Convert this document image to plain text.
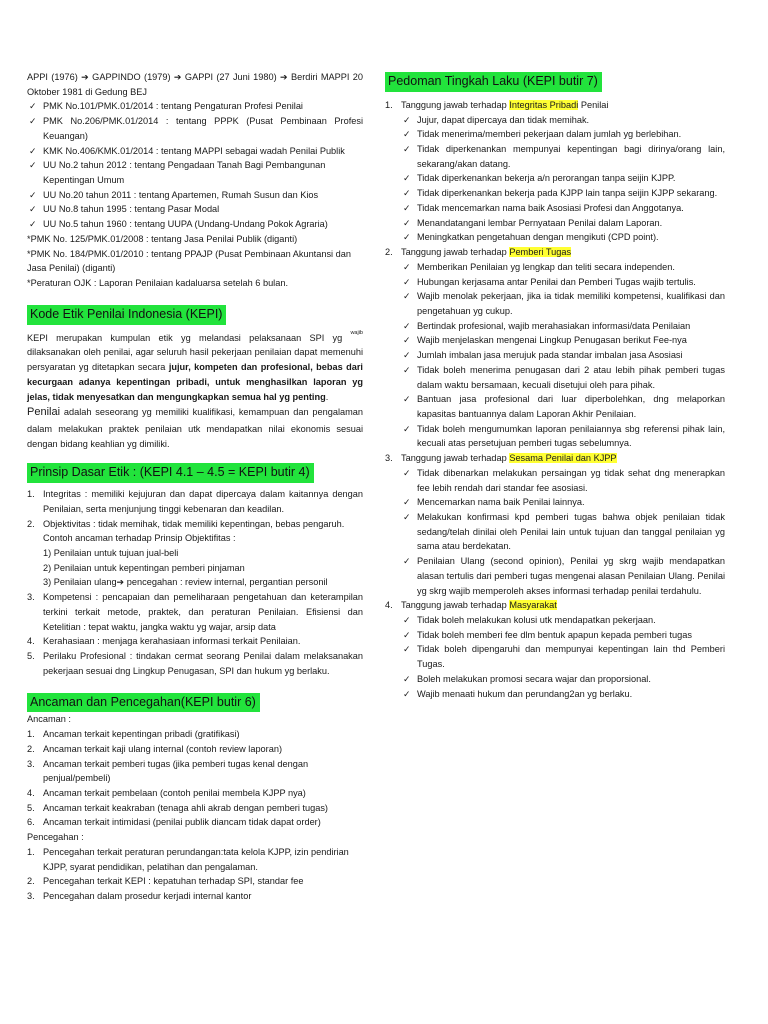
APPI (1976) ➔ GAPPINDO (1979) ➔ GAPPI (27 Juni 1980) ➔ Berdiri MAPPI 20 Oktober 1981 di Gedung BEJ

✓ PMK No.101/PMK.01/2014 : tentang Pengaturan Profesi Penilai
✓ PMK No.206/PMK.01/2014 : tentang PPPK (Pusat Pembinaan Profesi Keuangan)
✓ KMK No.406/KMK.01/2014 : tentang MAPPI sebagai wadah Penilai Publik
✓ UU No.2 tahun 2012 : tentang Pengadaan Tanah Bagi Pembangunan Kepentingan Umum
✓ UU No.20 tahun 2011 : tentang Apartemen, Rumah Susun dan Kios
✓ UU No.8 tahun 1995 : tentang Pasar Modal
✓ UU No.5 tahun 1960 : tentang UUPA (Undang-Undang Pokok Agraria)

*PMK No. 125/PMK.01/2008 : tentang Jasa Penilai Publik (diganti)

*PMK No. 184/PMK.01/2010 : tentang PPAJP (Pusat Pembinaan Akuntansi dan Jasa Penilai) (diganti)

*Peraturan OJK : Laporan Penilaian kadaluarsa setelah 6 bulan.

Kode Etik Penilai Indonesia (KEPI)

KEPI merupakan kumpulan etik yg melandasi pelaksanaan SPI yg $^{wajib}$ dilaksanakan oleh penilai, agar seluruh hasil pekerjaan penilaian dapat memenuhi persyaratan yg ditetapkan secara jujur, kompeten dan profesional, bebas dari kecurgaan adanya kepentingan pribadi, untuk menghasilkan laporan yg jelas, tidak menyesatkan dan mengungkapkan semua hal yg penting.

Penilai adalah seseorang yg memiliki kualifikasi, kemampuan dan pengalaman dalam melakukan praktek penilaian utk mendapatkan nilai ekonomis sesuai dengan bidang keahlian yg dimiliki.

Prinsip Dasar Etik : (KEPI 4.1 – 4.5 = KEPI butir 4)
1. Integritas : memiliki kejujuran dan dapat dipercaya dalam kaitannya dengan Penilaian, serta menjunjung tinggi kebenaran dan keadilan.
2. Objektivitas : tidak memihak, tidak memiliki kepentingan, bebas pengaruh.
Contoh ancaman terhadap Prinsip Objektifitas :
1) Penilaian untuk tujuan jual-beli
2) Penilaian untuk kepentingan pemberi pinjaman
3) Penilaian ulang➔ pencegahan : review internal, pergantian personil
3. Kompetensi : pencapaian dan pemeliharaan pengetahuan dan keterampilan terkini terkait metode, praktek, dan peraturan Penilaian. Efisiensi dan Ketelitian : tepat waktu, jangka waktu yg wajar, arsip data
4. Kerahasiaan : menjaga kerahasiaan informasi terkait Penilaian.
5. Perilaku Profesional : tindakan cermat seorang Penilai dalam melaksanakan pekerjaan sesuai dng Lingkup Penugasan, SPI dan hukum yg berlaku.
Ancaman dan Pencegahan(KEPI butir 6)

Ancaman :

1. Ancaman terkait kepentingan pribadi (gratifikasi)
2. Ancaman terkait kaji ulang internal (contoh review laporan)
3. Ancaman terkait pemberi tugas (jika pemberi tugas kenal dengan penjual/pembeli)
4. Ancaman terkait pembelaan (contoh penilai membela KJPP nya)
5. Ancaman terkait keakraban (tenaga ahli akrab dengan pemberi tugas)
6. Ancaman terkait intimidasi (penilai publik diancam tidak dapat order)

Pencegahan :

1. Pencegahan terkait peraturan perundangan:tata kelola KJPP, izin pendirian KJPP, syarat pendidikan, pelatihan dan pengalaman.
2. Pencegahan terkait KEPI : kepatuhan terhadap SPI, standar fee
3. Pencegahan dalam prosedur kerjadi internal kantor
Pedoman Tingkah Laku (KEPI butir 7)
1. Tanggung jawab terhadap Integritas Pribadi Penilai
✓ Jujur, dapat dipercaya dan tidak memihak.
✓ Tidak menerima/memberi pekerjaan dalam jumlah yg berlebihan.
✓ Tidak diperkenankan mempunyai kepentingan bagi dirinya/orang lain, sekarang/akan datang.
✓ Tidak diperkenankan bekerja a/n perorangan tanpa seijin KJPP.
✓ Tidak diperkenankan bekerja pada KJPP lain tanpa seijin KJPP sekarang.
✓ Tidak mencemarkan nama baik Asosiasi Profesi dan Anggotanya.
✓ Menandatangani lembar Pernyataan Penilai dalam Laporan.
✓ Meningkatkan pengetahuan dengan mengikuti (CPD point).
2. Tanggung jawab terhadap Pemberi Tugas
✓ Memberikan Penilaian yg lengkap dan teliti secara independen.
✓ Hubungan kerjasama antar Penilai dan Pemberi Tugas wajib tertulis.
✓ Wajib menolak pekerjaan, jika ia tidak memiliki kompetensi, kualifikasi dan pengetahuan yg cukup.
✓ Bertindak profesional, wajib merahasiakan informasi/data Penilaian
✓ Wajib menjelaskan mengenai Lingkup Penugasan berikut Fee-nya
✓ Jumlah imbalan jasa merujuk pada standar imbalan jasa Asosiasi
✓ Tidak boleh menerima penugasan dari 2 atau lebih pihak pemberi tugas dalam waktu bersamaan, kecuali disetujui oleh para pihak.
✓ Bantuan jasa profesional dari luar diperbolehkan, dng melaporkan kapasitas bantuannya dalam Laporan Akhir Penilaian.
✓ Tidak boleh mengumumkan laporan penilaiannya sbg referensi pihak lain, kecuali atas persetujuan pemberi tugas sebelumnya.
3. Tanggung jawab terhadap Sesama Penilai dan KJPP
✓ Tidak dibenarkan melakukan persaingan yg tidak sehat dng menerapkan fee lebih rendah dari standar fee asosiasi.
✓ Mencemarkan nama baik Penilai lainnya.
✓ Melakukan konfirmasi kpd pemberi tugas bahwa objek penilaian tidak sedang/telah dinilai oleh Penilai lain untuk tujuan dan tanggal penilaian yg sama atau berdekatan.
✓ Penilaian Ulang (second opinion), Penilai yg skrg wajib mendapatkan alasan tertulis dari pemberi tugas mengenai alasan Penilaian Ulang. Penilai yg skrg wajib memperoleh akses informasi terhadap penilai terdahulu.
4. Tanggung jawab terhadap Masyarakat
✓ Tidak boleh melakukan kolusi utk mendapatkan pekerjaan.
✓ Tidak boleh memberi fee dlm bentuk apapun kepada pemberi tugas
✓ Tidak boleh dipengaruhi dan mempunyai kepentingan lain thd Pemberi Tugas.
✓ Boleh melakukan promosi secara wajar dan proporsional.
✓ Wajib menaati hukum dan perundang2an yg berlaku.
